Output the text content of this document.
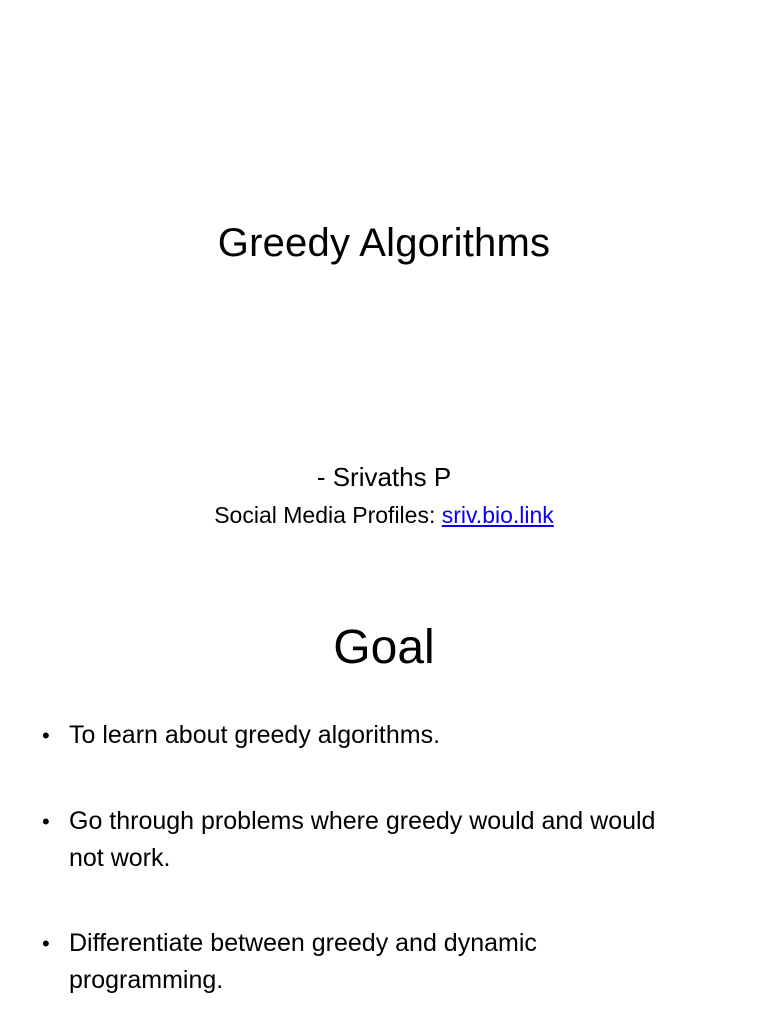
Greedy Algorithms
- Srivaths P
Social Media Profiles: sriv.bio.link
Goal
• To learn about greedy algorithms.
• Go through problems where greedy would and would not work.
• Differentiate between greedy and dynamic programming.
